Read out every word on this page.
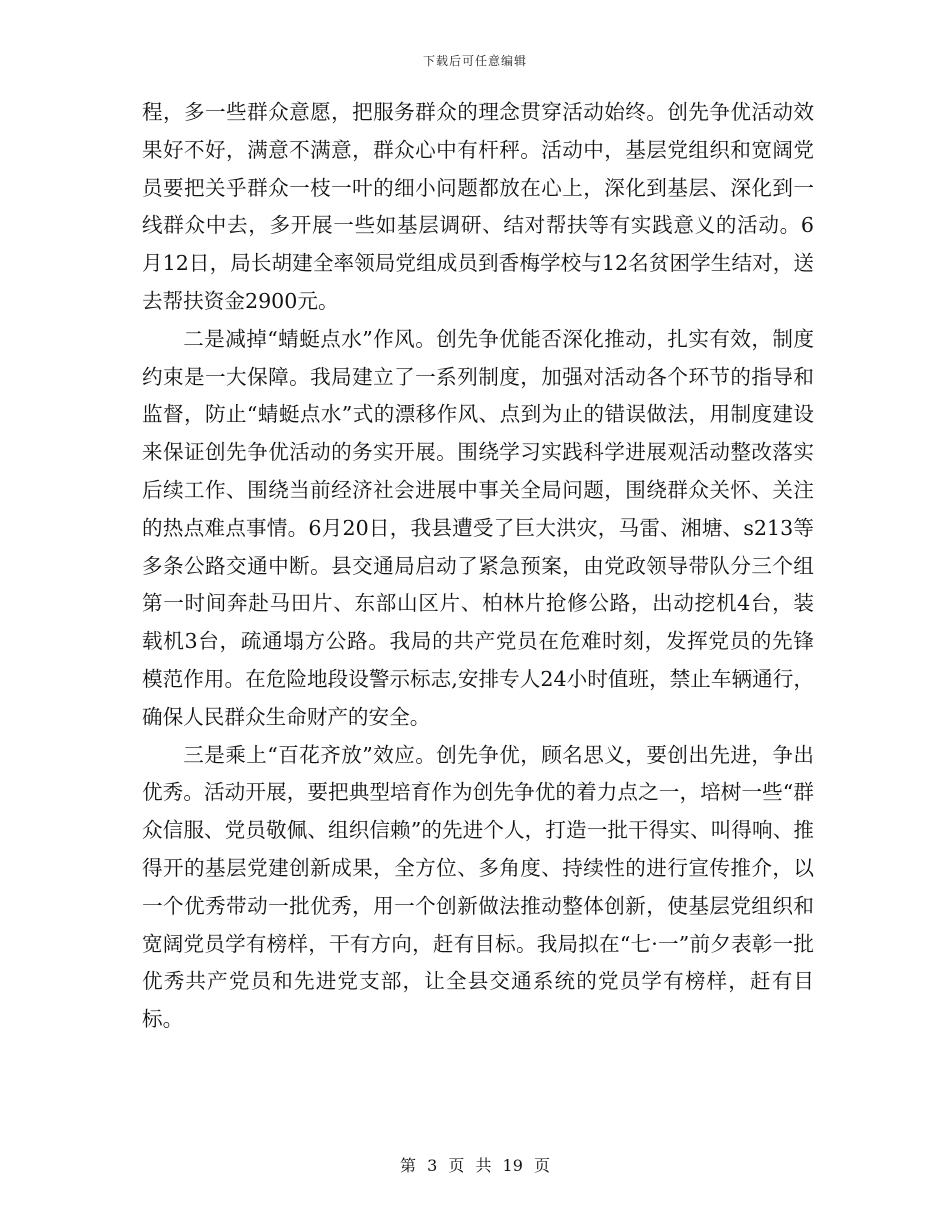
下载后可任意编辑

程，多一些群众意愿，把服务群众的理念贯穿活动始终。创先争优活动效果好不好，满意不满意，群众心中有杆秤。活动中，基层党组织和宽阔党员要把关乎群众一枝一叶的细小问题都放在心上，深化到基层、深化到一线群众中去，多开展一些如基层调研、结对帮扶等有实践意义的活动。6月12日，局长胡建全率领局党组成员到香梅学校与12名贫困学生结对，送去帮扶资金2900元。

二是减掉“蜻蜓点水”作风。创先争优能否深化推动，扎实有效，制度约束是一大保障。我局建立了一系列制度，加强对活动各个环节的指导和监督，防止“蜻蜓点水”式的漂移作风、点到为止的错误做法，用制度建设来保证创先争优活动的务实开展。围绕学习实践科学进展观活动整改落实后续工作、围绕当前经济社会进展中事关全局问题，围绕群众关怀、关注的热点难点事情。6月20日，我县遭受了巨大洪灾，马雷、湘塘、s213等多条公路交通中断。县交通局启动了紧急预案，由党政领导带队分三个组第一时间奔赴马田片、东部山区片、柏林片抢修公路，出动挖机4台，装载机3台，疏通塌方公路。我局的共产党员在危难时刻，发挥党员的先锋模范作用。在危险地段设警示标志,安排专人24小时值班，禁止车辆通行，确保人民群众生命财产的安全。

三是乘上“百花齐放”效应。创先争优，顾名思义，要创出先进，争出优秀。活动开展，要把典型培育作为创先争优的着力点之一，培树一些“群众信服、党员敬佩、组织信赖”的先进个人，打造一批干得实、叫得响、推得开的基层党建创新成果，全方位、多角度、持续性的进行宣传推介，以一个优秀带动一批优秀，用一个创新做法推动整体创新，使基层党组织和宽阔党员学有榜样，干有方向，赶有目标。我局拟在“七·一”前夕表彰一批优秀共产党员和先进党支部，让全县交通系统的党员学有榜样，赶有目标。

第 3 页 共 19 页
